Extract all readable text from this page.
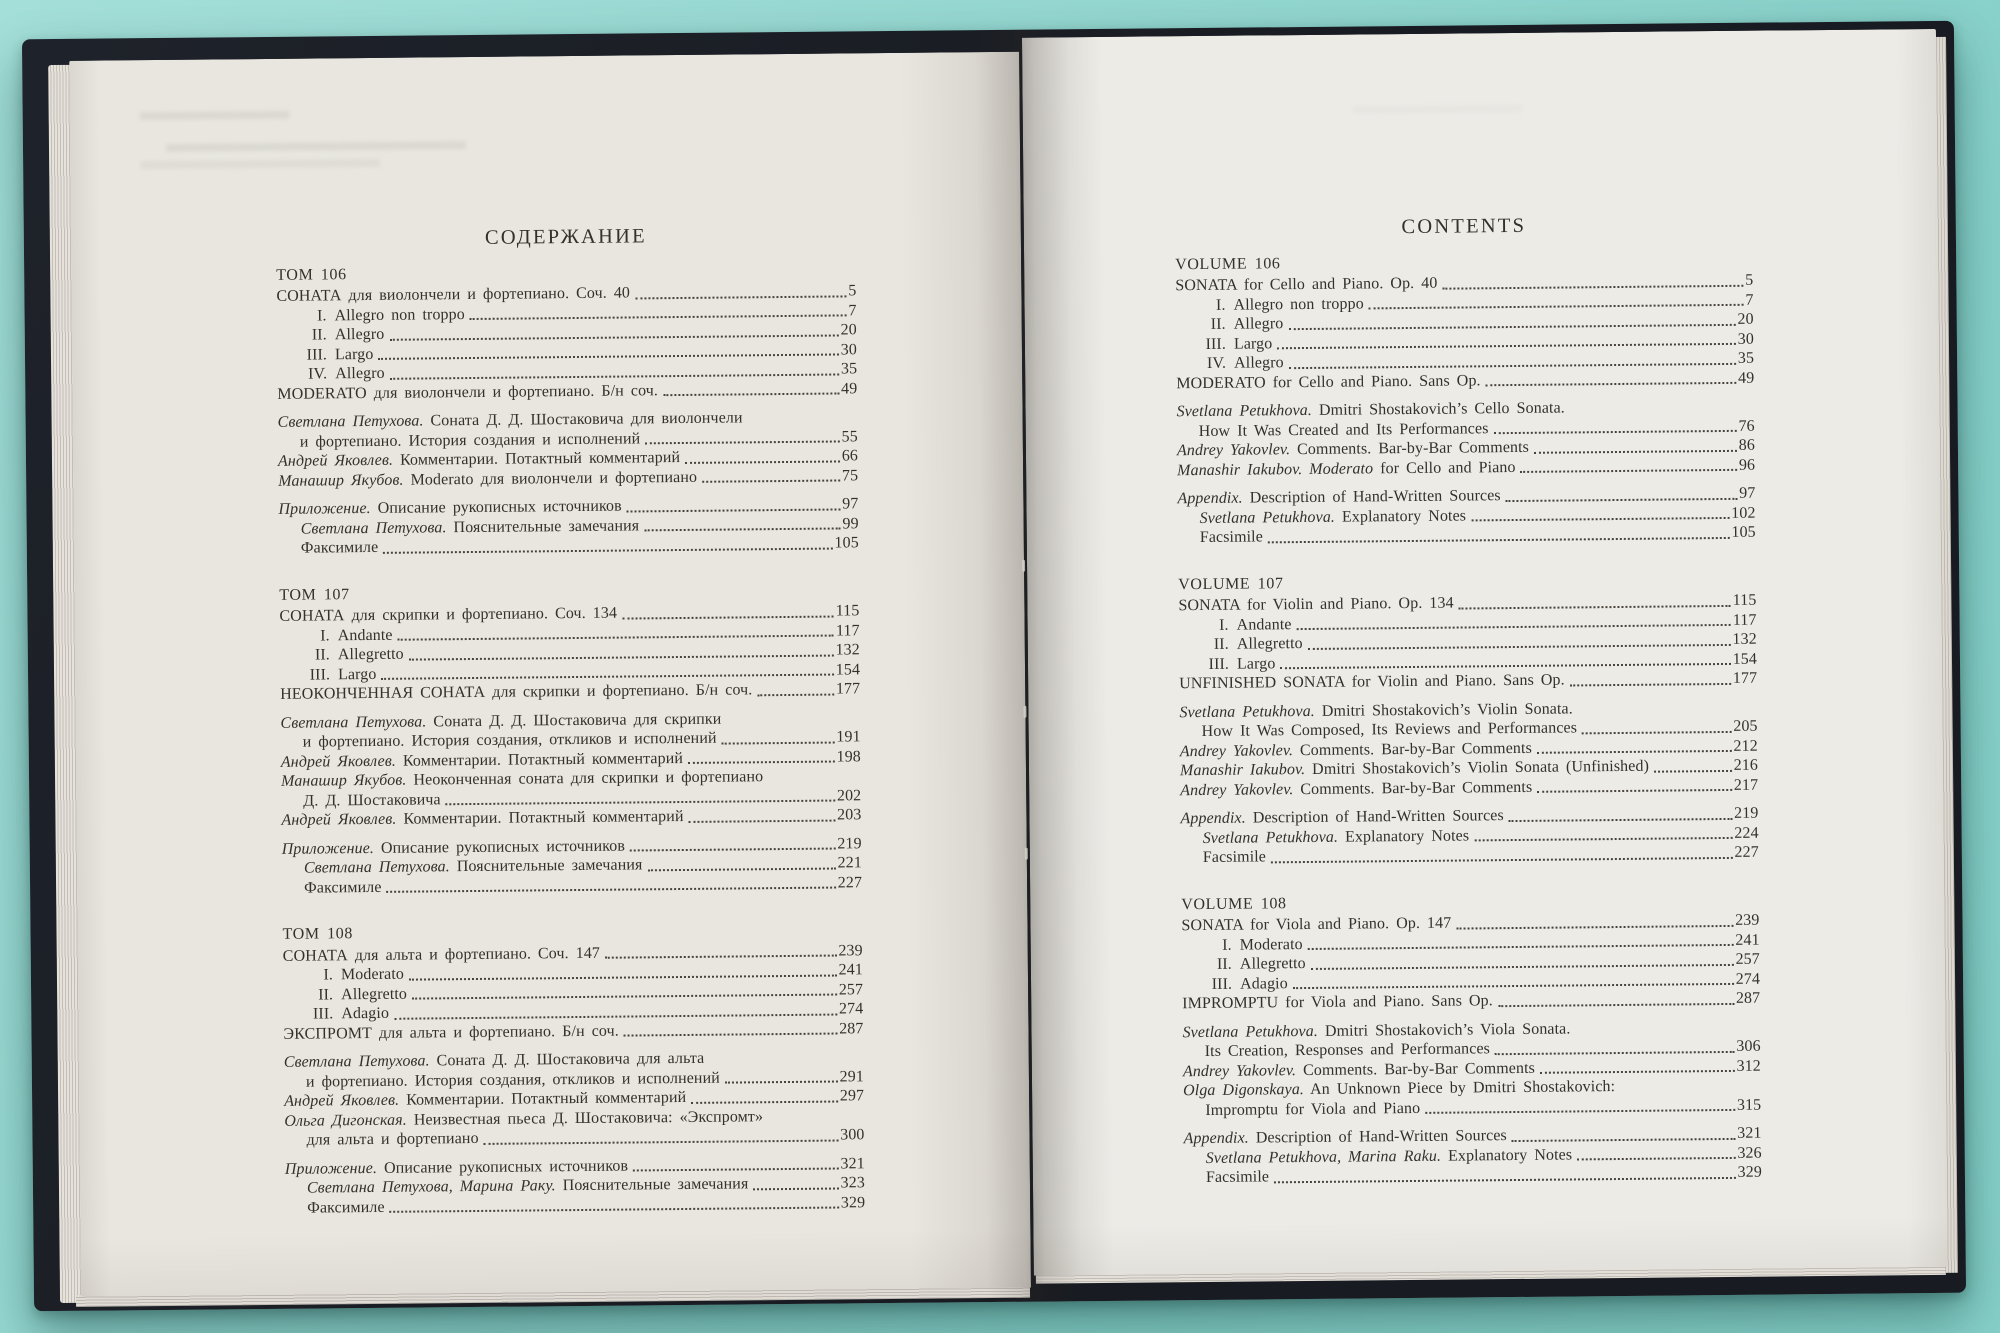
СОДЕРЖАНИЕ
ТОМ 106
СОНАТА для виолончели и фортепиано. Соч. 40	5
I. Allegro non troppo	7
II. Allegro	20
III. Largo	30
IV. Allegro	35
MODERATO для виолончели и фортепиано. Б/н соч.	49
Светлана Петухова. Соната Д. Д. Шостаковича для виолончели
и фортепиано. История создания и исполнений	55
Андрей Яковлев. Комментарии. Потактный комментарий	66
Манашир Якубов. Moderato для виолончели и фортепиано	75
Приложение. Описание рукописных источников	97
Светлана Петухова. Пояснительные замечания	99
Факсимиле	105
ТОМ 107
СОНАТА для скрипки и фортепиано. Соч. 134	115
I. Andante	117
II. Allegretto	132
III. Largo	154
НЕОКОНЧЕННАЯ СОНАТА для скрипки и фортепиано. Б/н соч.	177
Светлана Петухова. Соната Д. Д. Шостаковича для скрипки
и фортепиано. История создания, откликов и исполнений	191
Андрей Яковлев. Комментарии. Потактный комментарий	198
Манашир Якубов. Неоконченная соната для скрипки и фортепиано
Д. Д. Шостаковича	202
Андрей Яковлев. Комментарии. Потактный комментарий	203
Приложение. Описание рукописных источников	219
Светлана Петухова. Пояснительные замечания	221
Факсимиле	227
ТОМ 108
СОНАТА для альта и фортепиано. Соч. 147	239
I. Moderato	241
II. Allegretto	257
III. Adagio	274
ЭКСПРОМТ для альта и фортепиано. Б/н соч.	287
Светлана Петухова. Соната Д. Д. Шостаковича для альта
и фортепиано. История создания, откликов и исполнений	291
Андрей Яковлев. Комментарии. Потактный комментарий	297
Ольга Дигонская. Неизвестная пьеса Д. Шостаковича: «Экспромт»
для альта и фортепиано	300
Приложение. Описание рукописных источников	321
Светлана Петухова, Марина Раку. Пояснительные замечания	323
Факсимиле	329
CONTENTS
VOLUME 106
SONATA for Cello and Piano. Op. 40	5
I. Allegro non troppo	7
II. Allegro	20
III. Largo	30
IV. Allegro	35
MODERATO for Cello and Piano. Sans Op.	49
Svetlana Petukhova. Dmitri Shostakovich’s Cello Sonata.
How It Was Created and Its Performances	76
Andrey Yakovlev. Comments. Bar-by-Bar Comments	86
Manashir Iakubov. Moderato for Cello and Piano	96
Appendix. Description of Hand-Written Sources	97
Svetlana Petukhova. Explanatory Notes	102
Facsimile	105
VOLUME 107
SONATA for Violin and Piano. Op. 134	115
I. Andante	117
II. Allegretto	132
III. Largo	154
UNFINISHED SONATA for Violin and Piano. Sans Op.	177
Svetlana Petukhova. Dmitri Shostakovich’s Violin Sonata.
How It Was Composed, Its Reviews and Performances	205
Andrey Yakovlev. Comments. Bar-by-Bar Comments	212
Manashir Iakubov. Dmitri Shostakovich’s Violin Sonata (Unfinished)	216
Andrey Yakovlev. Comments. Bar-by-Bar Comments	217
Appendix. Description of Hand-Written Sources	219
Svetlana Petukhova. Explanatory Notes	224
Facsimile	227
VOLUME 108
SONATA for Viola and Piano. Op. 147	239
I. Moderato	241
II. Allegretto	257
III. Adagio	274
IMPROMPTU for Viola and Piano. Sans Op.	287
Svetlana Petukhova. Dmitri Shostakovich’s Viola Sonata.
Its Creation, Responses and Performances	306
Andrey Yakovlev. Comments. Bar-by-Bar Comments	312
Olga Digonskaya. An Unknown Piece by Dmitri Shostakovich:
Impromptu for Viola and Piano	315
Appendix. Description of Hand-Written Sources	321
Svetlana Petukhova, Marina Raku. Explanatory Notes	326
Facsimile	329
